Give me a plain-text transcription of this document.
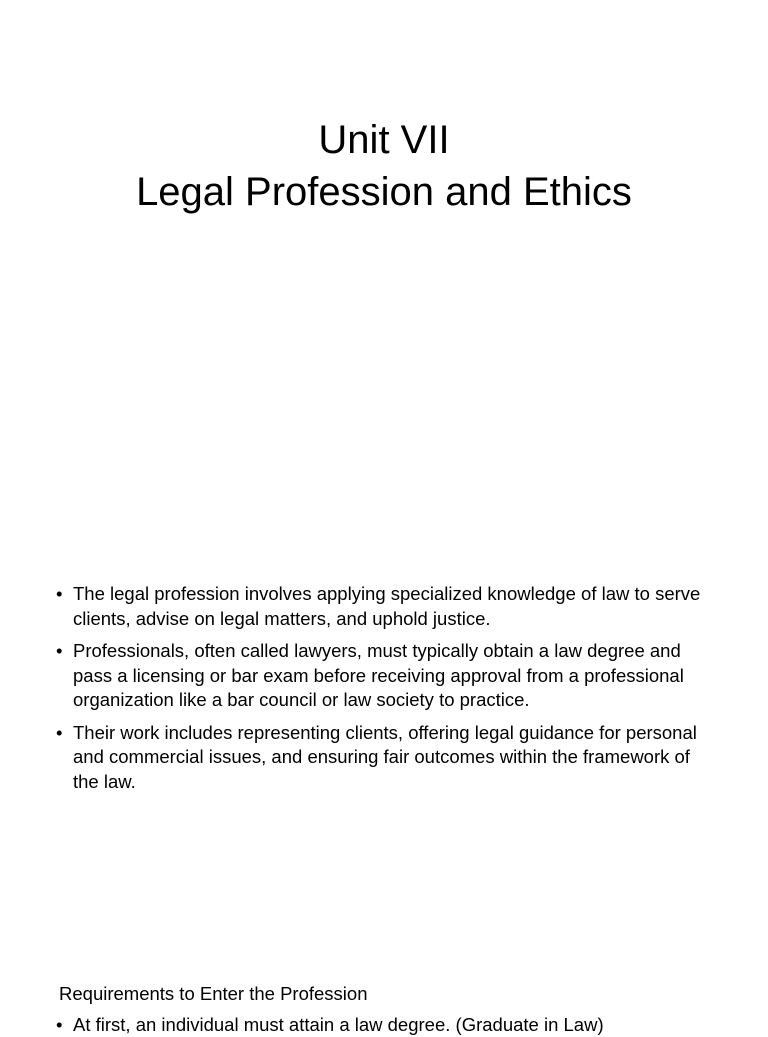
Unit VII
Legal Profession and Ethics
• The legal profession involves applying specialized knowledge of law to serve clients, advise on legal matters, and uphold justice.
• Professionals, often called lawyers, must typically obtain a law degree and pass a licensing or bar exam before receiving approval from a professional organization like a bar council or law society to practice.
• Their work includes representing clients, offering legal guidance for personal and commercial issues, and ensuring fair outcomes within the framework of the law.
Requirements to Enter the Profession
• At first, an individual must attain a law degree. (Graduate in Law)
